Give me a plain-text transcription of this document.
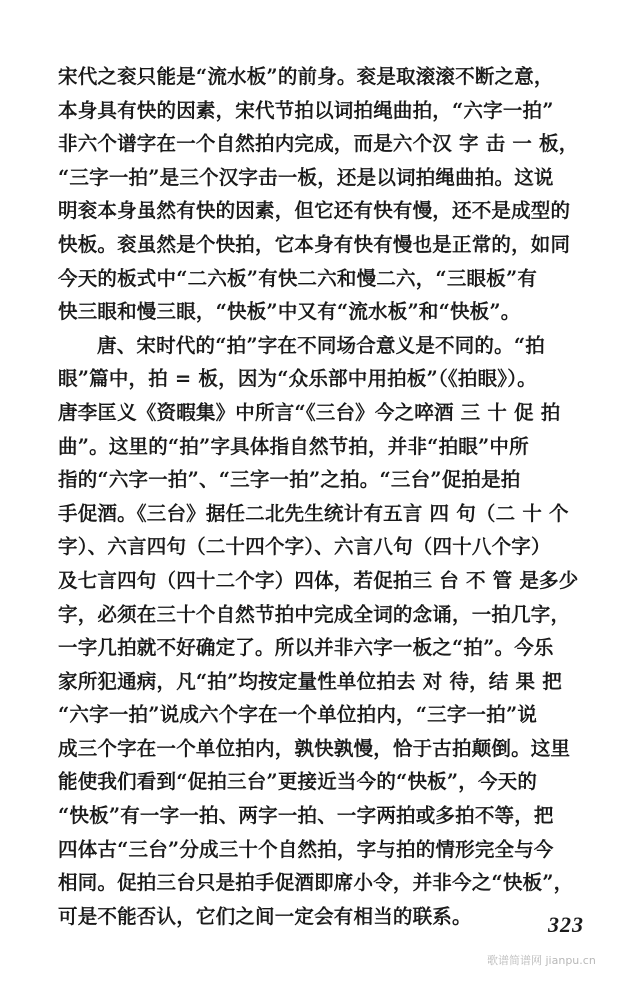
宋代之衮只能是“流水板”的前身。衮是取滚滚不断之意，
本身具有快的因素，宋代节拍以词拍绳曲拍，“六字一拍”
非六个谱字在一个自然拍内完成，而是六个汉 字 击 一 板，
“三字一拍”是三个汉字击一板，还是以词拍绳曲拍。这说
明衮本身虽然有快的因素，但它还有快有慢，还不是成型的
快板。衮虽然是个快拍，它本身有快有慢也是正常的，如同
今天的板式中“二六板”有快二六和慢二六，“三眼板”有
快三眼和慢三眼，“快板”中又有“流水板”和“快板”。
唐、宋时代的“拍”字在不同场合意义是不同的。“拍
眼”篇中，拍 = 板，因为“众乐部中用拍板”（《拍眼》）。
唐李匡义《资暇集》中所言“《三台》今之啐酒 三 十 促 拍
曲”。这里的“拍”字具体指自然节拍，并非“拍眼”中所
指的“六字一拍”、“三字一拍”之拍。“三台”促拍是拍
手促酒。《三台》据任二北先生统计有五言 四 句（二 十 个
字）、六言四句（二十四个字）、六言八句（四十八个字）
及七言四句（四十二个字）四体，若促拍三 台 不 管 是多少
字，必须在三十个自然节拍中完成全词的念诵，一拍几字，
一字几拍就不好确定了。所以并非六字一板之“拍”。今乐
家所犯通病，凡“拍”均按定量性单位拍去 对 待，结 果 把
“六字一拍”说成六个字在一个单位拍内，“三字一拍”说
成三个字在一个单位拍内，孰快孰慢，恰于古拍颠倒。这里
能使我们看到“促拍三台”更接近当今的“快板”，今天的
“快板”有一字一拍、两字一拍、一字两拍或多拍不等，把
四体古“三台”分成三十个自然拍，字与拍的情形完全与今
相同。促拍三台只是拍手促酒即席小令，并非今之“快板”，
可是不能否认，它们之间一定会有相当的联系。	323
歌谱简谱网 jianpu.cn
